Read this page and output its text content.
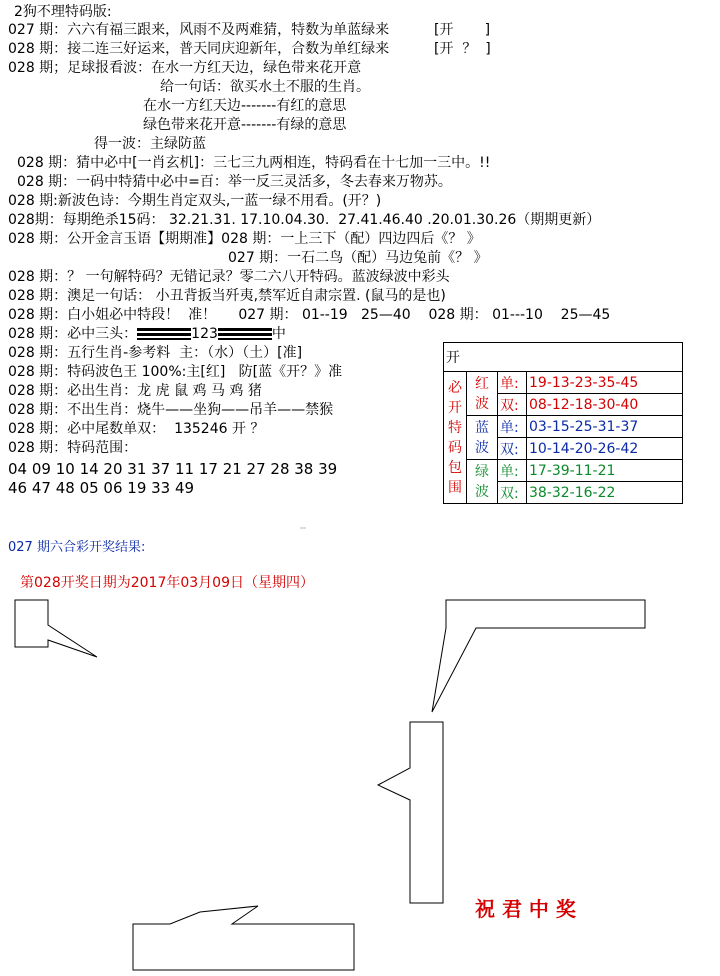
2狗不理特码版:
027 期：六六有福三跟来，风雨不及两难猜，特数为单蓝绿来	[开       ]
028 期：接二连三好运来，普天同庆迎新年，合数为单红绿来	[开  ？  ]
028 期；足球报看波：在水一方红天边，绿色带来花开意
给一句话：欲买水土不服的生肖。
在水一方红天边-------有红的意思
绿色带来花开意-------有绿的意思
得一波：主绿防蓝
028 期：猜中必中[一肖玄机]：三七三九两相连，特码看在十七加一三中。!!
028 期：一码中特猜中必中=百：举一反三灵活多，冬去春来万物苏。
028 期:新波色诗：今期生肖定双头,一蓝一绿不用看。(开？)
028期：每期绝杀15码： 32.21.31. 17.10.04.30.  27.41.46.40 .20.01.30.26（期期更新）
028 期：公开金言玉语【期期准】028 期：一上三下（配）四边四后《？ 》
027 期：一石二鸟（配）马边兔前《？ 》
028 期：？ 一句解特码？无错记录？零二六八开特码。蓝波绿波中彩头
028 期：澳足一句话： 小丑背扳当歼夷,禁军近自肃宗置. (鼠马的是也)
028 期：白小姐必中特段！  准！     027 期： 01--19   25—40    028 期： 01---10    25—45
028 期：必中三头：	123	中
028 期：五行生肖-参考料  主：（水）（土）[准]
028 期：特码波色王 100%:主[红]   防[蓝《开？》准
028 期：必出生肖：龙 虎 鼠 鸡 马 鸡 猪
028 期：不出生肖：烧牛——坐狗——吊羊——禁猴
028 期：必中尾数单双：  135246 开 ？
028 期：特码范围：
04 09 10 14 20 31 37 11 17 21 27 28 38 39
46 47 48 05 06 19 33 49
开			

必开特码包围	红波	单:	19-13-23-35-45
		双:	08-12-18-30-40

	蓝波	单:	03-15-25-31-37
		双:	10-14-20-26-42

	绿波	单:	17-39-11-21
		双:	38-32-16-22
027 期六合彩开奖结果:
第028开奖日期为2017年03月09日（星期四）
祝 君 中 奖
